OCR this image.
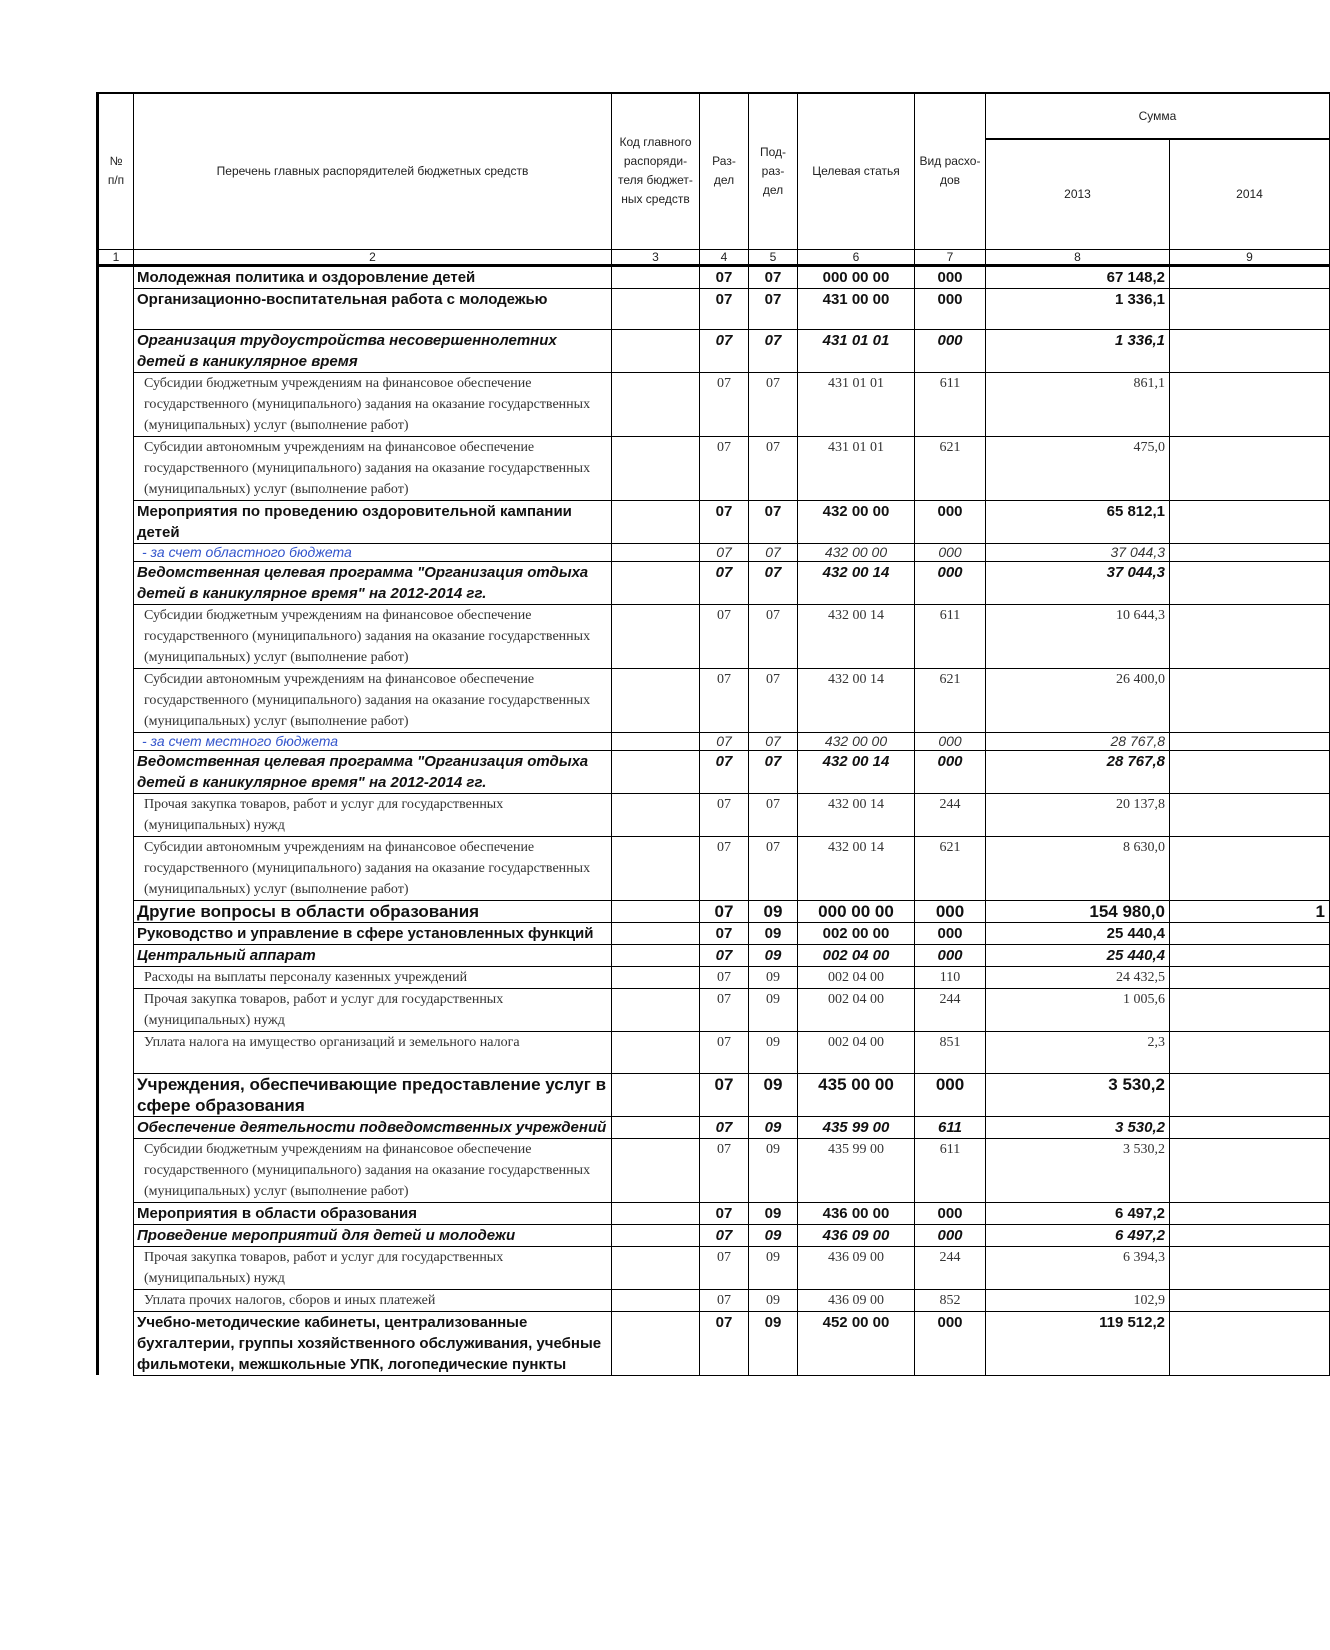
№ п/п	Перечень главных распорядителей бюджетных средств	Код главного распоряди-теля бюджет-ных средств	Раз-дел	Под-раз-дел	Целевая статья	Вид расхо-дов	Сумма	
							2013	2014
1	2	3	4	5	6	7	8	9
	Молодежная политика и оздоровление детей		07	07	000 00 00	000	67 148,2	
	Организационно-воспитательная работа с молодежью		07	07	431 00 00	000	1 336,1	
	Организация трудоустройства несовершеннолетних детей в каникулярное время		07	07	431 01 01	000	1 336,1	
	Субсидии бюджетным учреждениям на финансовое обеспечение государственного (муниципального) задания на оказание государственных (муниципальных) услуг (выполнение работ)		07	07	431 01 01	611	861,1	
	Субсидии автономным учреждениям на финансовое обеспечение государственного (муниципального) задания на оказание государственных (муниципальных) услуг (выполнение работ)		07	07	431 01 01	621	475,0	
	Мероприятия по проведению оздоровительной кампании детей		07	07	432 00 00	000	65 812,1	
	- за счет областного бюджета		07	07	432 00 00	000	37 044,3	
	Ведомственная целевая программа "Организация отдыха детей в каникулярное время" на 2012-2014 гг.		07	07	432 00 14	000	37 044,3	
	Субсидии бюджетным учреждениям на финансовое обеспечение государственного (муниципального) задания на оказание государственных (муниципальных) услуг (выполнение работ)		07	07	432 00 14	611	10 644,3	
	Субсидии автономным учреждениям на финансовое обеспечение государственного (муниципального) задания на оказание государственных (муниципальных) услуг (выполнение работ)		07	07	432 00 14	621	26 400,0	
	- за счет местного бюджета		07	07	432 00 00	000	28 767,8	
	Ведомственная целевая программа "Организация отдыха детей в каникулярное время" на 2012-2014 гг.		07	07	432 00 14	000	28 767,8	
	Прочая закупка товаров, работ и услуг для государственных (муниципальных) нужд		07	07	432 00 14	244	20 137,8	
	Субсидии автономным учреждениям на финансовое обеспечение государственного (муниципального) задания на оказание государственных (муниципальных) услуг (выполнение работ)		07	07	432 00 14	621	8 630,0	
	Другие вопросы в области образования		07	09	000 00 00	000	154 980,0	1
	Руководство и управление в сфере установленных функций		07	09	002 00 00	000	25 440,4	
	Центральный аппарат		07	09	002 04 00	000	25 440,4	
	Расходы на выплаты персоналу казенных учреждений		07	09	002 04 00	110	24 432,5	
	Прочая закупка товаров, работ и услуг для государственных (муниципальных) нужд		07	09	002 04 00	244	1 005,6	
	Уплата налога на имущество организаций и земельного налога		07	09	002 04 00	851	2,3	
	Учреждения, обеспечивающие предоставление услуг в сфере образования		07	09	435 00 00	000	3 530,2	
	Обеспечение деятельности подведомственных учреждений		07	09	435 99 00	611	3 530,2	
	Субсидии бюджетным учреждениям на финансовое обеспечение государственного (муниципального) задания на оказание государственных (муниципальных) услуг (выполнение работ)		07	09	435 99 00	611	3 530,2	
	Мероприятия в области образования		07	09	436 00 00	000	6 497,2	
	Проведение мероприятий для детей и молодежи		07	09	436 09 00	000	6 497,2	
	Прочая закупка товаров, работ и услуг для государственных (муниципальных) нужд		07	09	436 09 00	244	6 394,3	
	Уплата прочих налогов, сборов и иных платежей		07	09	436 09 00	852	102,9	
	Учебно-методические кабинеты, централизованные бухгалтерии, группы хозяйственного обслуживания, учебные фильмотеки, межшкольные УПК, логопедические пункты		07	09	452 00 00	000	119 512,2	
